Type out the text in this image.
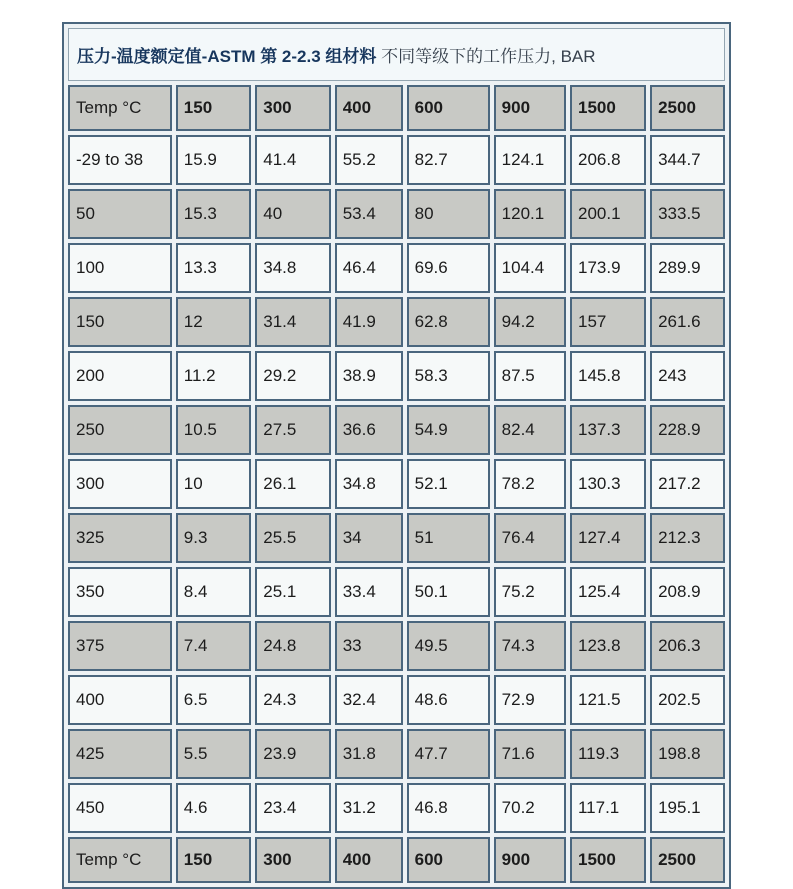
压力-温度额定值-ASTM 第 2-2.3 组材料 不同等级下的工作压力, BAR							
Temp °C	150	300	400	600	900	1500	2500
-29 to 38	15.9	41.4	55.2	82.7	124.1	206.8	344.7
50	15.3	40	53.4	80	120.1	200.1	333.5
100	13.3	34.8	46.4	69.6	104.4	173.9	289.9
150	12	31.4	41.9	62.8	94.2	157	261.6
200	11.2	29.2	38.9	58.3	87.5	145.8	243
250	10.5	27.5	36.6	54.9	82.4	137.3	228.9
300	10	26.1	34.8	52.1	78.2	130.3	217.2
325	9.3	25.5	34	51	76.4	127.4	212.3
350	8.4	25.1	33.4	50.1	75.2	125.4	208.9
375	7.4	24.8	33	49.5	74.3	123.8	206.3
400	6.5	24.3	32.4	48.6	72.9	121.5	202.5
425	5.5	23.9	31.8	47.7	71.6	119.3	198.8
450	4.6	23.4	31.2	46.8	70.2	117.1	195.1
Temp °C	150	300	400	600	900	1500	2500
